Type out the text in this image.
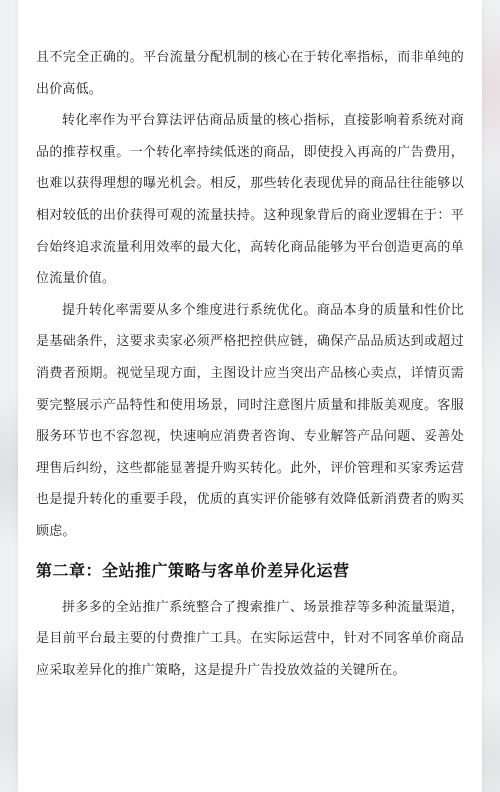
且不完全正确的。平台流量分配机制的核心在于转化率指标，而非单纯的出价高低。

转化率作为平台算法评估商品质量的核心指标，直接影响着系统对商品的推荐权重。一个转化率持续低迷的商品，即使投入再高的广告费用，也难以获得理想的曝光机会。相反，那些转化表现优异的商品往往能够以相对较低的出价获得可观的流量扶持。这种现象背后的商业逻辑在于：平台始终追求流量利用效率的最大化，高转化商品能够为平台创造更高的单位流量价值。

提升转化率需要从多个维度进行系统优化。商品本身的质量和性价比是基础条件，这要求卖家必须严格把控供应链，确保产品品质达到或超过消费者预期。视觉呈现方面，主图设计应当突出产品核心卖点，详情页需要完整展示产品特性和使用场景，同时注意图片质量和排版美观度。客服服务环节也不容忽视，快速响应消费者咨询、专业解答产品问题、妥善处理售后纠纷，这些都能显著提升购买转化。此外，评价管理和买家秀运营也是提升转化的重要手段，优质的真实评价能够有效降低新消费者的购买顾虑。

第二章：全站推广策略与客单价差异化运营

拼多多的全站推广系统整合了搜索推广、场景推荐等多种流量渠道，是目前平台最主要的付费推广工具。在实际运营中，针对不同客单价商品应采取差异化的推广策略，这是提升广告投放效益的关键所在。
